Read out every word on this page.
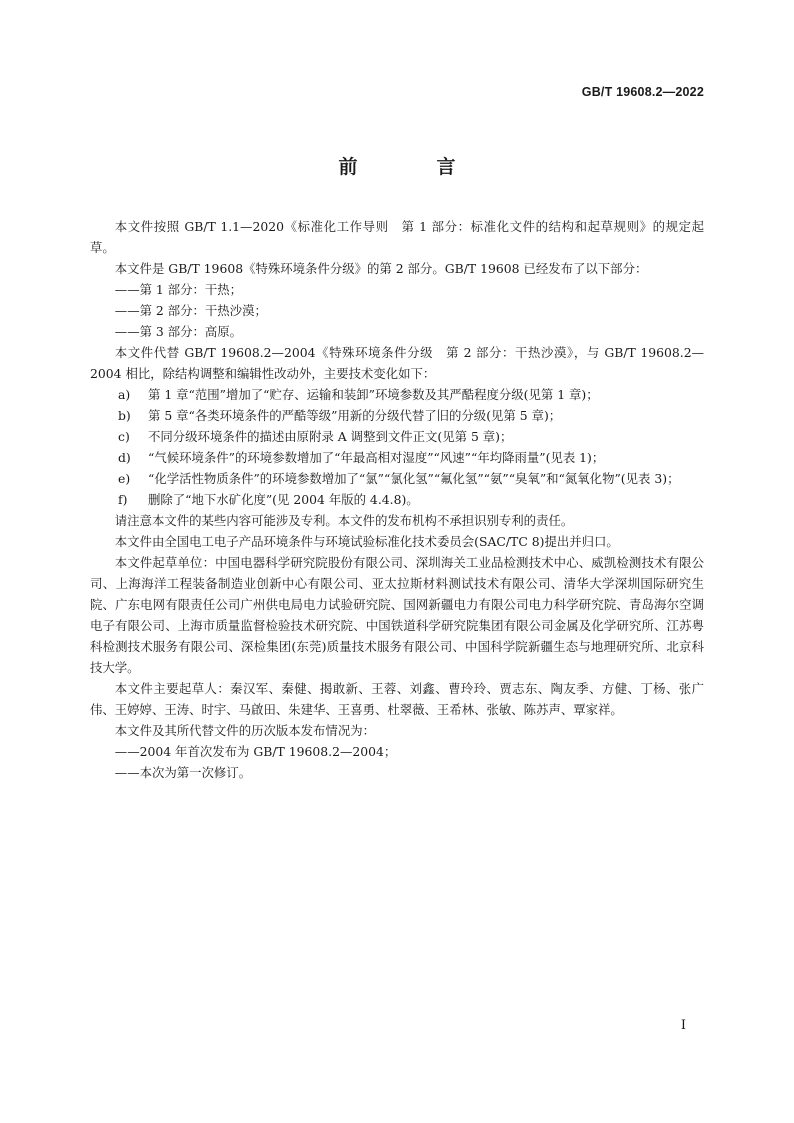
GB/T 19608.2—2022
前　言

本文件按照 GB/T 1.1—2020《标准化工作导则　第 1 部分：标准化文件的结构和起草规则》的规定起草。

本文件是 GB/T 19608《特殊环境条件分级》的第 2 部分。GB/T 19608 已经发布了以下部分：

——第 1 部分：干热；

——第 2 部分：干热沙漠；

——第 3 部分：高原。

本文件代替 GB/T 19608.2—2004《特殊环境条件分级　第 2 部分：干热沙漠》，与 GB/T 19608.2—2004 相比，除结构调整和编辑性改动外，主要技术变化如下：

a) 第 1 章“范围”增加了“贮存、运输和装卸”环境参数及其严酷程度分级(见第 1 章)；
b) 第 5 章“各类环境条件的严酷等级”用新的分级代替了旧的分级(见第 5 章)；
c) 不同分级环境条件的描述由原附录 A 调整到文件正文(见第 5 章)；
d) “气候环境条件”的环境参数增加了“年最高相对湿度”“风速”“年均降雨量”(见表 1)；
e) “化学活性物质条件”的环境参数增加了“氯”“氯化氢”“氟化氢”“氨”“臭氧”和“氮氧化物”(见表 3)；
f) 删除了“地下水矿化度”(见 2004 年版的 4.4.8)。

请注意本文件的某些内容可能涉及专利。本文件的发布机构不承担识别专利的责任。

本文件由全国电工电子产品环境条件与环境试验标准化技术委员会(SAC/TC 8)提出并归口。

本文件起草单位：中国电器科学研究院股份有限公司、深圳海关工业品检测技术中心、威凯检测技术有限公司、上海海洋工程装备制造业创新中心有限公司、亚太拉斯材料测试技术有限公司、清华大学深圳国际研究生院、广东电网有限责任公司广州供电局电力试验研究院、国网新疆电力有限公司电力科学研究院、青岛海尔空调电子有限公司、上海市质量监督检验技术研究院、中国铁道科学研究院集团有限公司金属及化学研究所、江苏粤科检测技术服务有限公司、深检集团(东莞)质量技术服务有限公司、中国科学院新疆生态与地理研究所、北京科技大学。

本文件主要起草人：秦汉军、秦健、揭敢新、王蓉、刘鑫、曹玲玲、贾志东、陶友季、方健、丁杨、张广伟、王婷婷、王涛、时宇、马啟田、朱建华、王喜勇、杜翠薇、王希林、张敏、陈苏声、覃家祥。

本文件及其所代替文件的历次版本发布情况为：

——2004 年首次发布为 GB/T 19608.2—2004；

——本次为第一次修订。

I
